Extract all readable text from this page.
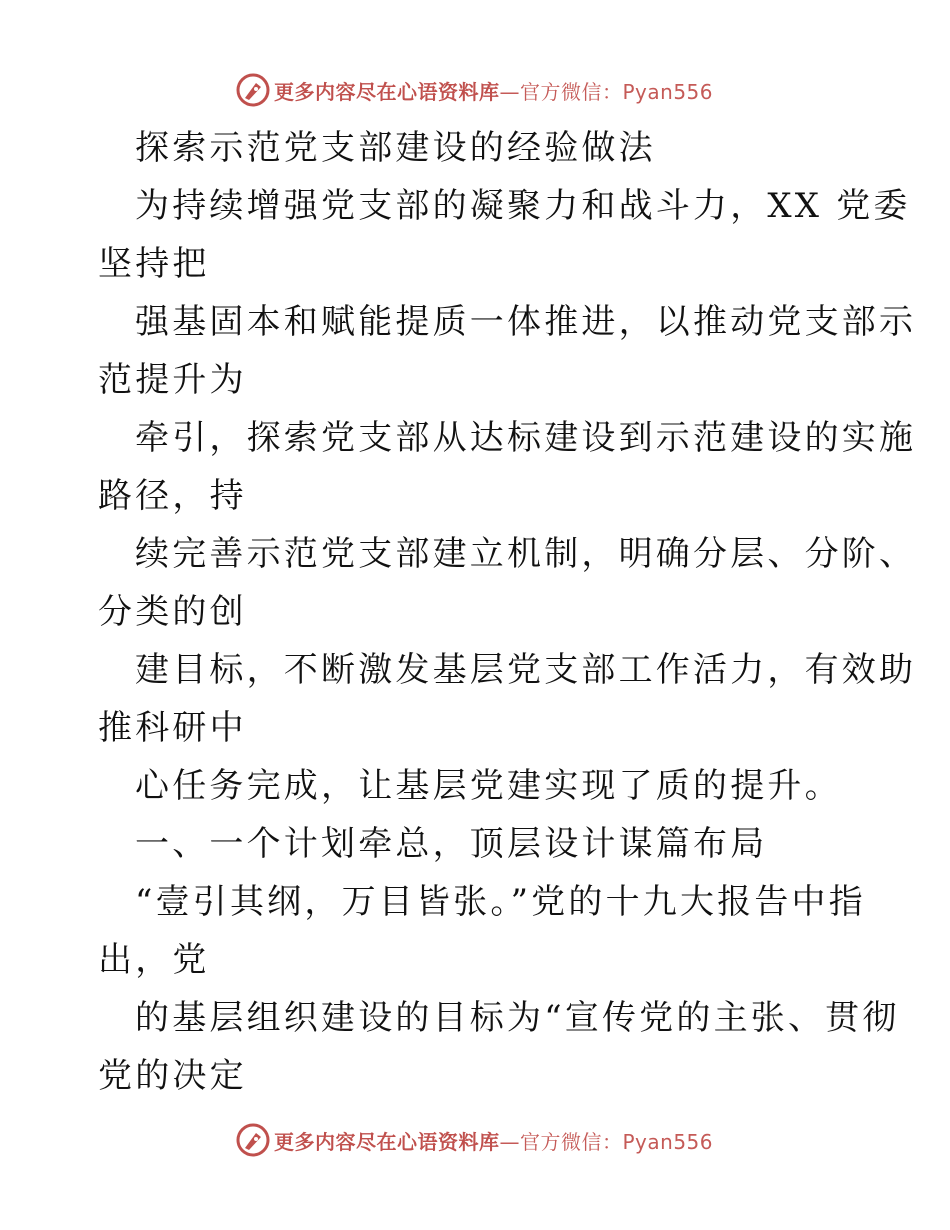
更多内容尽在心语资料库—官方微信：Pyan556
探索示范党支部建设的经验做法
为持续增强党支部的凝聚力和战斗力，XX 党委
坚持把
强基固本和赋能提质一体推进，以推动党支部示
范提升为
牵引，探索党支部从达标建设到示范建设的实施
路径，持
续完善示范党支部建立机制，明确分层、分阶、
分类的创
建目标，不断激发基层党支部工作活力，有效助
推科研中
心任务完成，让基层党建实现了质的提升。
一、一个计划牵总，顶层设计谋篇布局
“壹引其纲，万目皆张。”党的十九大报告中指
出，党
的基层组织建设的目标为“宣传党的主张、贯彻
党的决定
更多内容尽在心语资料库—官方微信：Pyan556
